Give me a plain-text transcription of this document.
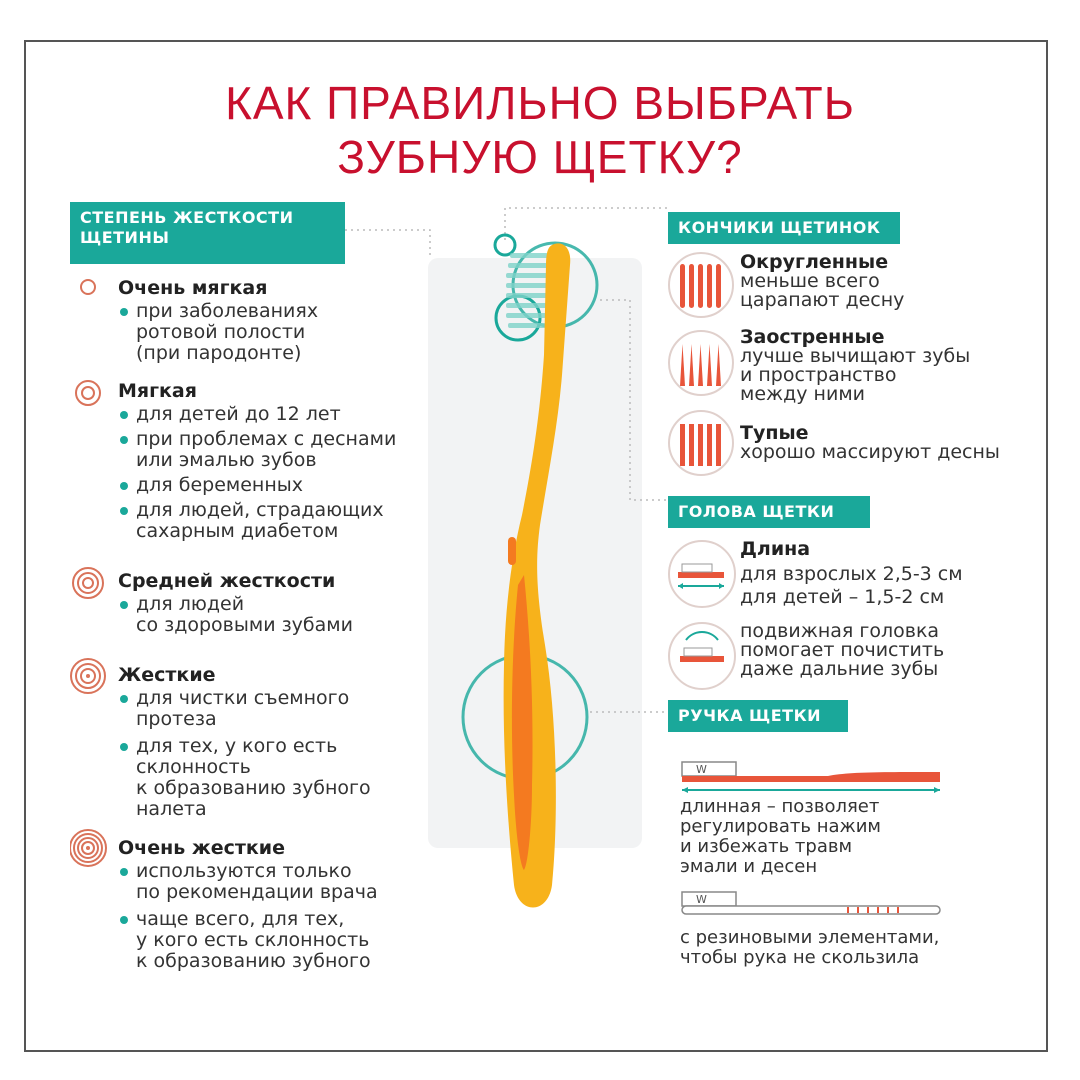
КАК ПРАВИЛЬНО ВЫБРАТЬ
ЗУБНУЮ ЩЕТКУ?
СТЕПЕНЬ ЖЕСТКОСТИ
ЩЕТИНЫ
Очень мягкая
при заболеваниях
ротовой полости
(при пародонте)
Мягкая
для детей до 12 лет
при проблемах с деснами
или эмалью зубов
для беременных
для людей, страдающих
сахарным диабетом
Средней жесткости
для людей
со здоровыми зубами
Жесткие
для чистки съемного
протеза
для тех, у кого есть
склонность
к образованию зубного
налета
Очень жесткие
используются только
по рекомендации врача
чаще всего, для тех,
у кого есть склонность
к образованию зубного
КОНЧИКИ ЩЕТИНОК
Округленные
меньше всего
царапают десну
Заостренные
лучше вычищают зубы
и пространство
между ними
Тупые
хорошо массируют десны
ГОЛОВА ЩЕТКИ
Длина
для взрослых 2,5-3 см
для детей – 1,5-2 см
подвижная головка
помогает почистить
даже дальние зубы
РУЧКА ЩЕТКИ
W
длинная – позволяет
регулировать нажим
и избежать травм
эмали и десен
W
с резиновыми элементами,
чтобы рука не скользила
